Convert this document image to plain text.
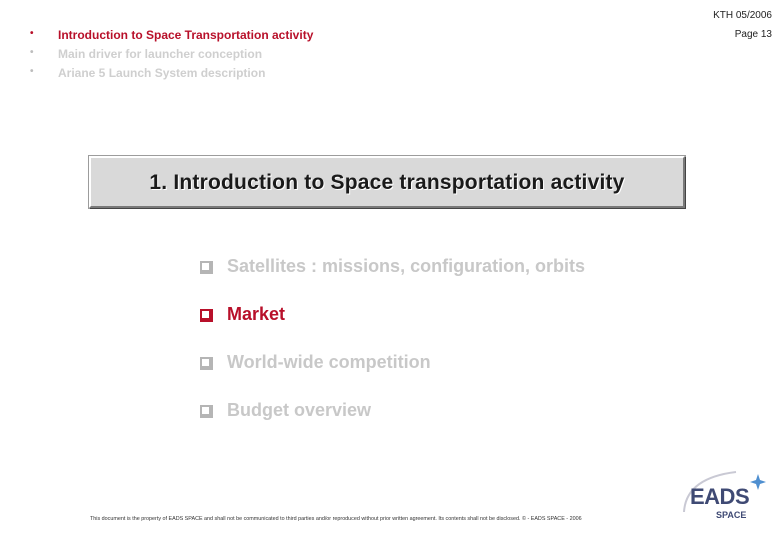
KTH 05/2006
Page 13
•	Introduction to Space Transportation activity
•	Main driver for launcher conception
•	Ariane 5 Launch System description
1. Introduction to Space transportation activity
Satellites : missions, configuration, orbits
Market
World-wide competition
Budget overview
This document is the property of EADS SPACE and shall not be communicated to third parties and/or reproduced without prior written agreement. Its contents shall not be disclosed. © - EADS SPACE - 2006
EADS
SPACE
